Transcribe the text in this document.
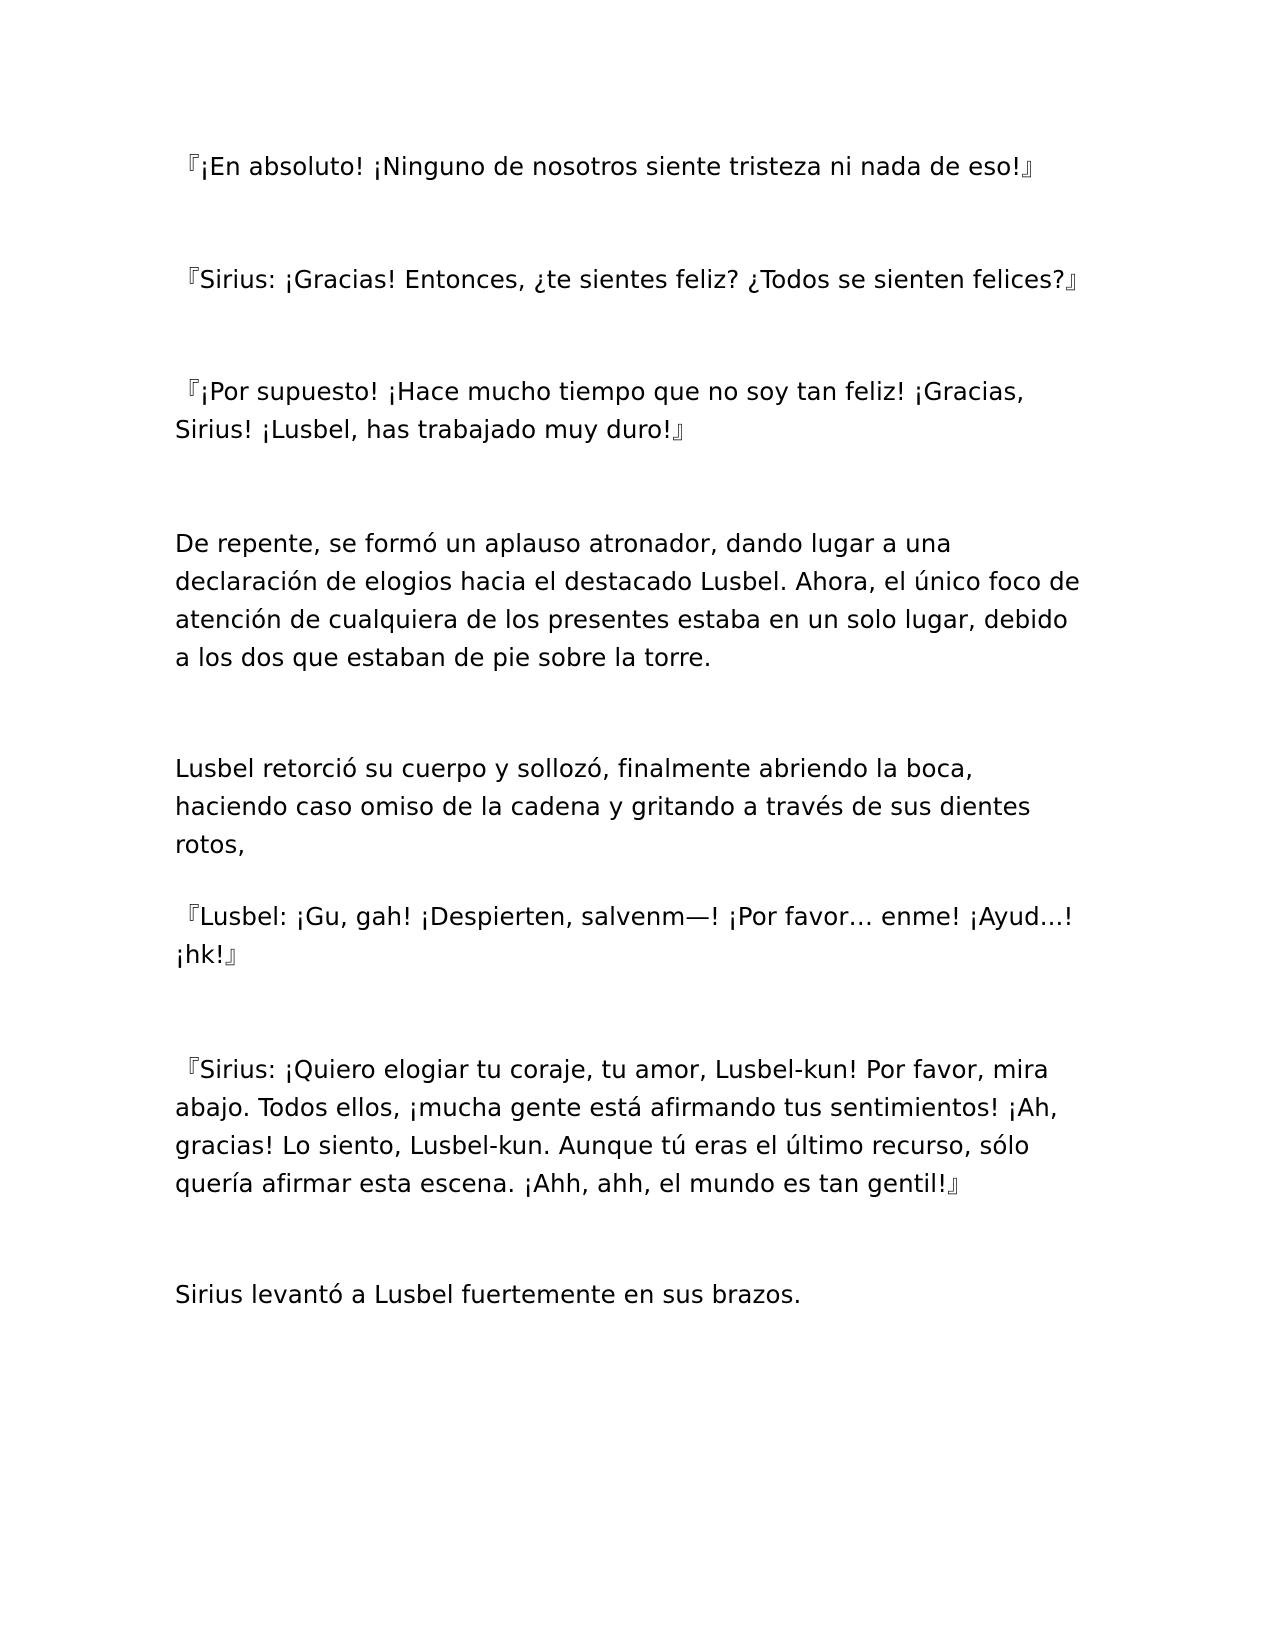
『¡En absoluto! ¡Ninguno de nosotros siente tristeza ni nada de eso!』

『Sirius: ¡Gracias! Entonces, ¿te sientes feliz? ¿Todos se sienten felices?』

『¡Por supuesto! ¡Hace mucho tiempo que no soy tan feliz! ¡Gracias, Sirius! ¡Lusbel, has trabajado muy duro!』

De repente, se formó un aplauso atronador, dando lugar a una declaración de elogios hacia el destacado Lusbel. Ahora, el único foco de atención de cualquiera de los presentes estaba en un solo lugar, debido a los dos que estaban de pie sobre la torre.

Lusbel retorció su cuerpo y sollozó, finalmente abriendo la boca, haciendo caso omiso de la cadena y gritando a través de sus dientes rotos,

『Lusbel: ¡Gu, gah! ¡Despierten, salvenm—! ¡Por favor… enme! ¡Ayud...! ¡hk!』

『Sirius: ¡Quiero elogiar tu coraje, tu amor, Lusbel-kun! Por favor, mira abajo. Todos ellos, ¡mucha gente está afirmando tus sentimientos! ¡Ah, gracias! Lo siento, Lusbel-kun. Aunque tú eras el último recurso, sólo quería afirmar esta escena. ¡Ahh, ahh, el mundo es tan gentil!』

Sirius levantó a Lusbel fuertemente en sus brazos.
